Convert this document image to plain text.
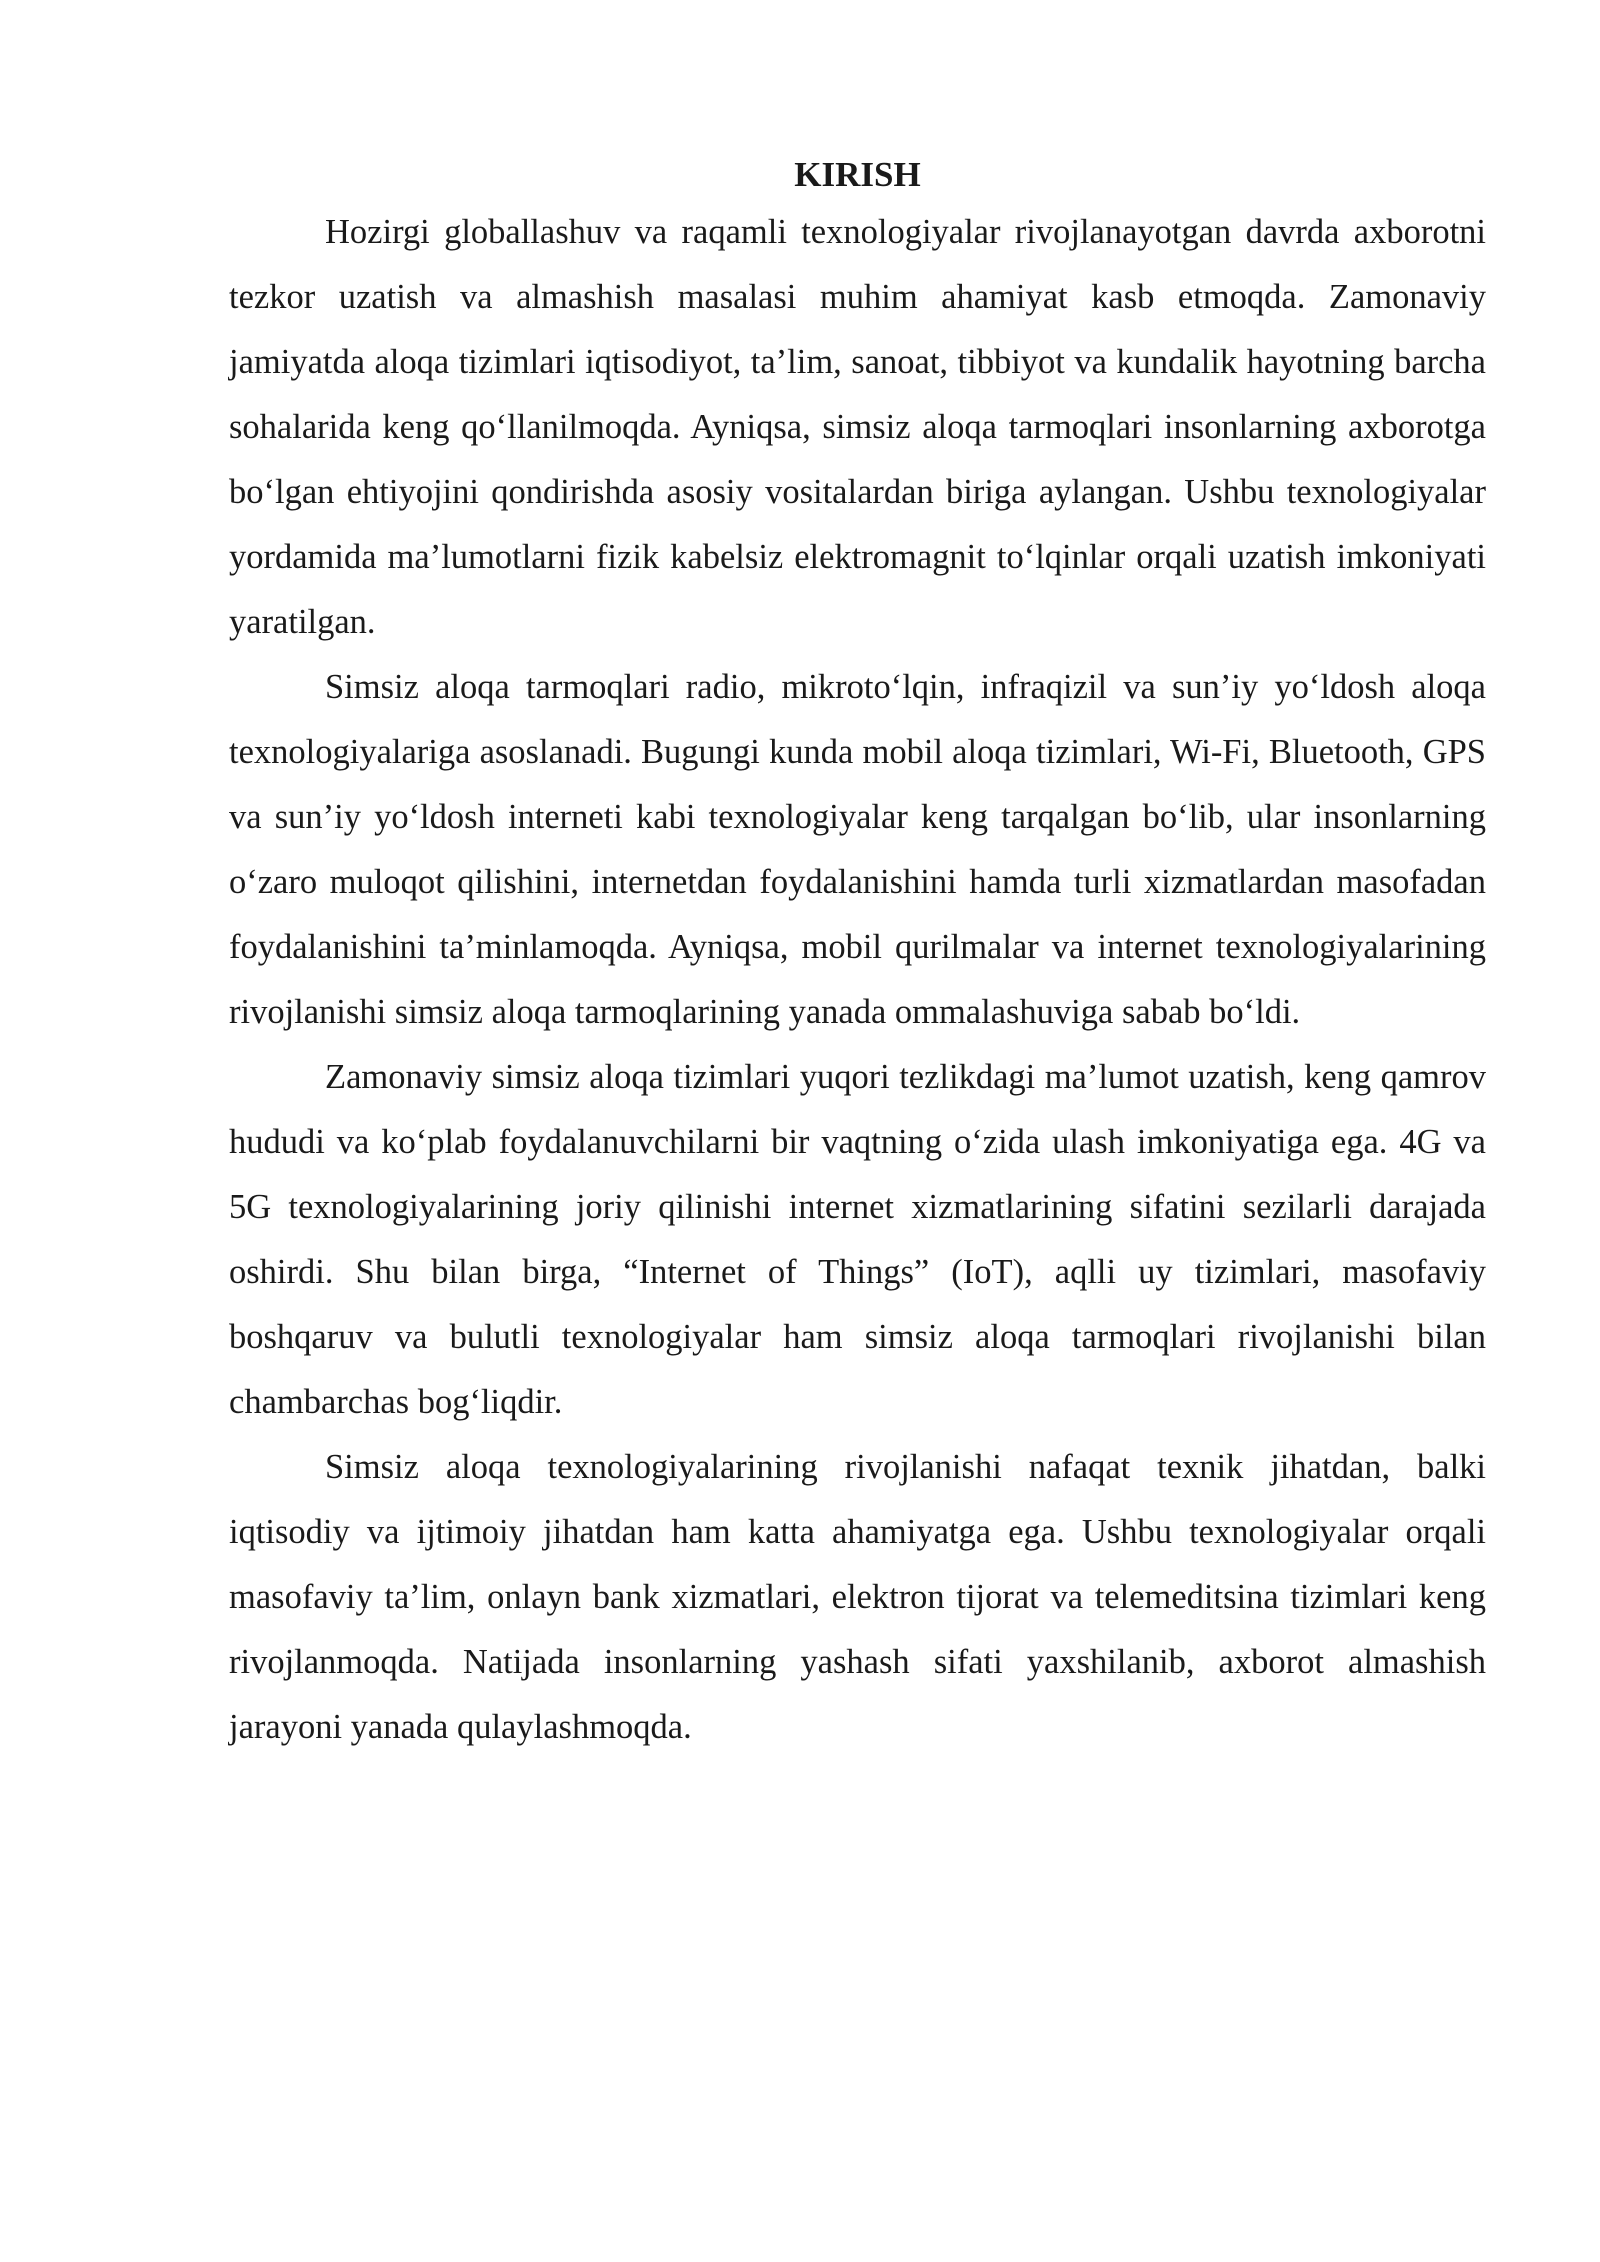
KIRISH

Hozirgi globallashuv va raqamli texnologiyalar rivojlanayotgan davrda axborotni tezkor uzatish va almashish masalasi muhim ahamiyat kasb etmoqda. Zamonaviy jamiyatda aloqa tizimlari iqtisodiyot, ta’lim, sanoat, tibbiyot va kundalik hayotning barcha sohalarida keng qo‘llanilmoqda. Ayniqsa, simsiz aloqa tarmoqlari insonlarning axborotga bo‘lgan ehtiyojini qondirishda asosiy vositalardan biriga aylangan. Ushbu texnologiyalar yordamida ma’lumotlarni fizik kabelsiz elektromagnit to‘lqinlar orqali uzatish imkoniyati yaratilgan.

Simsiz aloqa tarmoqlari radio, mikroto‘lqin, infraqizil va sun’iy yo‘ldosh aloqa texnologiyalariga asoslanadi. Bugungi kunda mobil aloqa tizimlari, Wi-Fi, Bluetooth, GPS va sun’iy yo‘ldosh interneti kabi texnologiyalar keng tarqalgan bo‘lib, ular insonlarning o‘zaro muloqot qilishini, internetdan foydalanishini hamda turli xizmatlardan masofadan foydalanishini ta’minlamoqda. Ayniqsa, mobil qurilmalar va internet texnologiyalarining rivojlanishi simsiz aloqa tarmoqlarining yanada ommalashuviga sabab bo‘ldi.

Zamonaviy simsiz aloqa tizimlari yuqori tezlikdagi ma’lumot uzatish, keng qamrov hududi va ko‘plab foydalanuvchilarni bir vaqtning o‘zida ulash imkoniyatiga ega. 4G va 5G texnologiyalarining joriy qilinishi internet xizmatlarining sifatini sezilarli darajada oshirdi. Shu bilan birga, “Internet of Things” (IoT), aqlli uy tizimlari, masofaviy boshqaruv va bulutli texnologiyalar ham simsiz aloqa tarmoqlari rivojlanishi bilan chambarchas bog‘liqdir.

Simsiz aloqa texnologiyalarining rivojlanishi nafaqat texnik jihatdan, balki iqtisodiy va ijtimoiy jihatdan ham katta ahamiyatga ega. Ushbu texnologiyalar orqali masofaviy ta’lim, onlayn bank xizmatlari, elektron tijorat va telemeditsina tizimlari keng rivojlanmoqda. Natijada insonlarning yashash sifati yaxshilanib, axborot almashish jarayoni yanada qulaylashmoqda.
